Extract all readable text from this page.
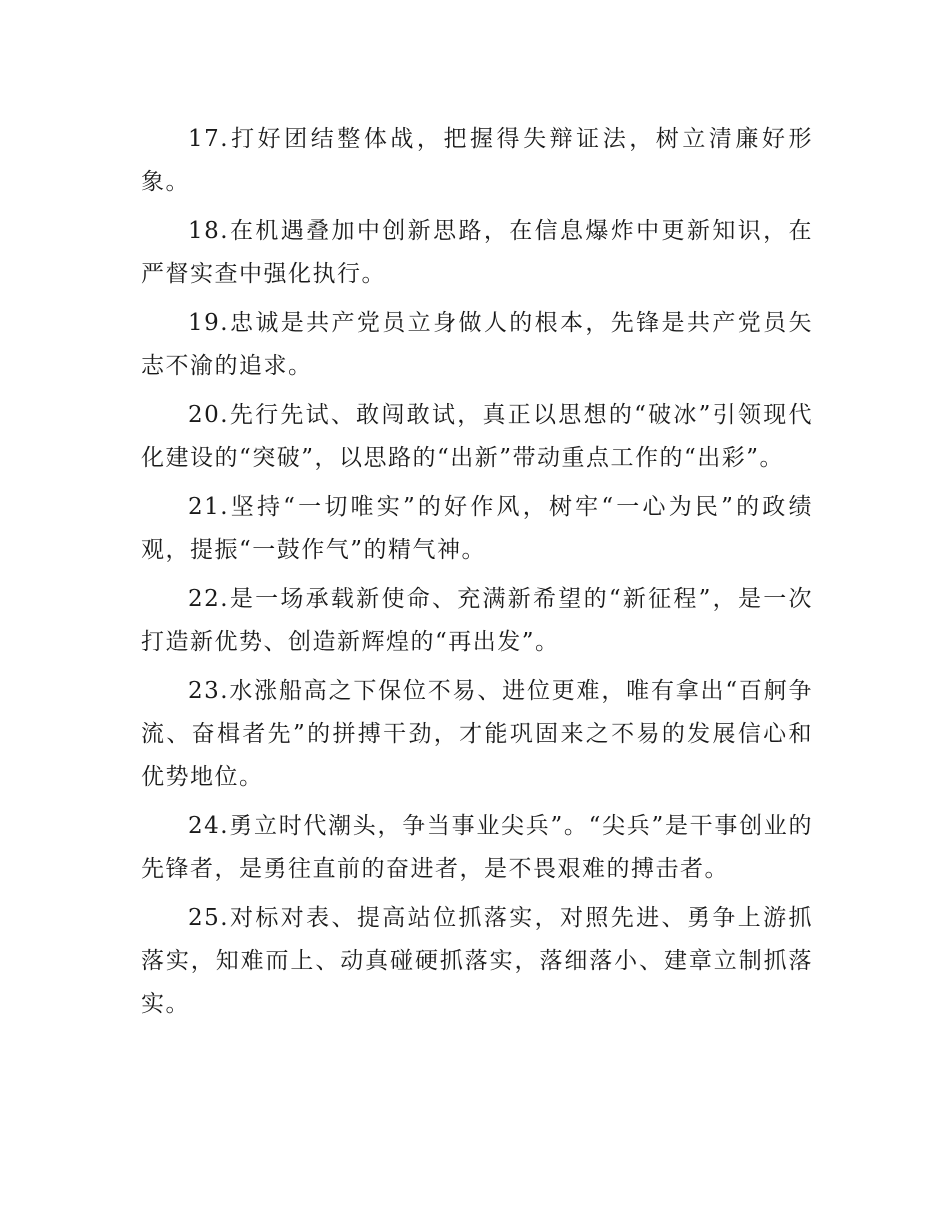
17.打好团结整体战，把握得失辩证法，树立清廉好形象。

18.在机遇叠加中创新思路，在信息爆炸中更新知识，在严督实查中强化执行。

19.忠诚是共产党员立身做人的根本，先锋是共产党员矢志不渝的追求。

20.先行先试、敢闯敢试，真正以思想的“破冰”引领现代化建设的“突破”，以思路的“出新”带动重点工作的“出彩”。

21.坚持“一切唯实”的好作风，树牢“一心为民”的政绩观，提振“一鼓作气”的精气神。

22.是一场承载新使命、充满新希望的“新征程”，是一次打造新优势、创造新辉煌的“再出发”。

23.水涨船高之下保位不易、进位更难，唯有拿出“百舸争流、奋楫者先”的拼搏干劲，才能巩固来之不易的发展信心和优势地位。

24.勇立时代潮头，争当事业尖兵”。“尖兵”是干事创业的先锋者，是勇往直前的奋进者，是不畏艰难的搏击者。

25.对标对表、提高站位抓落实，对照先进、勇争上游抓落实，知难而上、动真碰硬抓落实，落细落小、建章立制抓落实。
